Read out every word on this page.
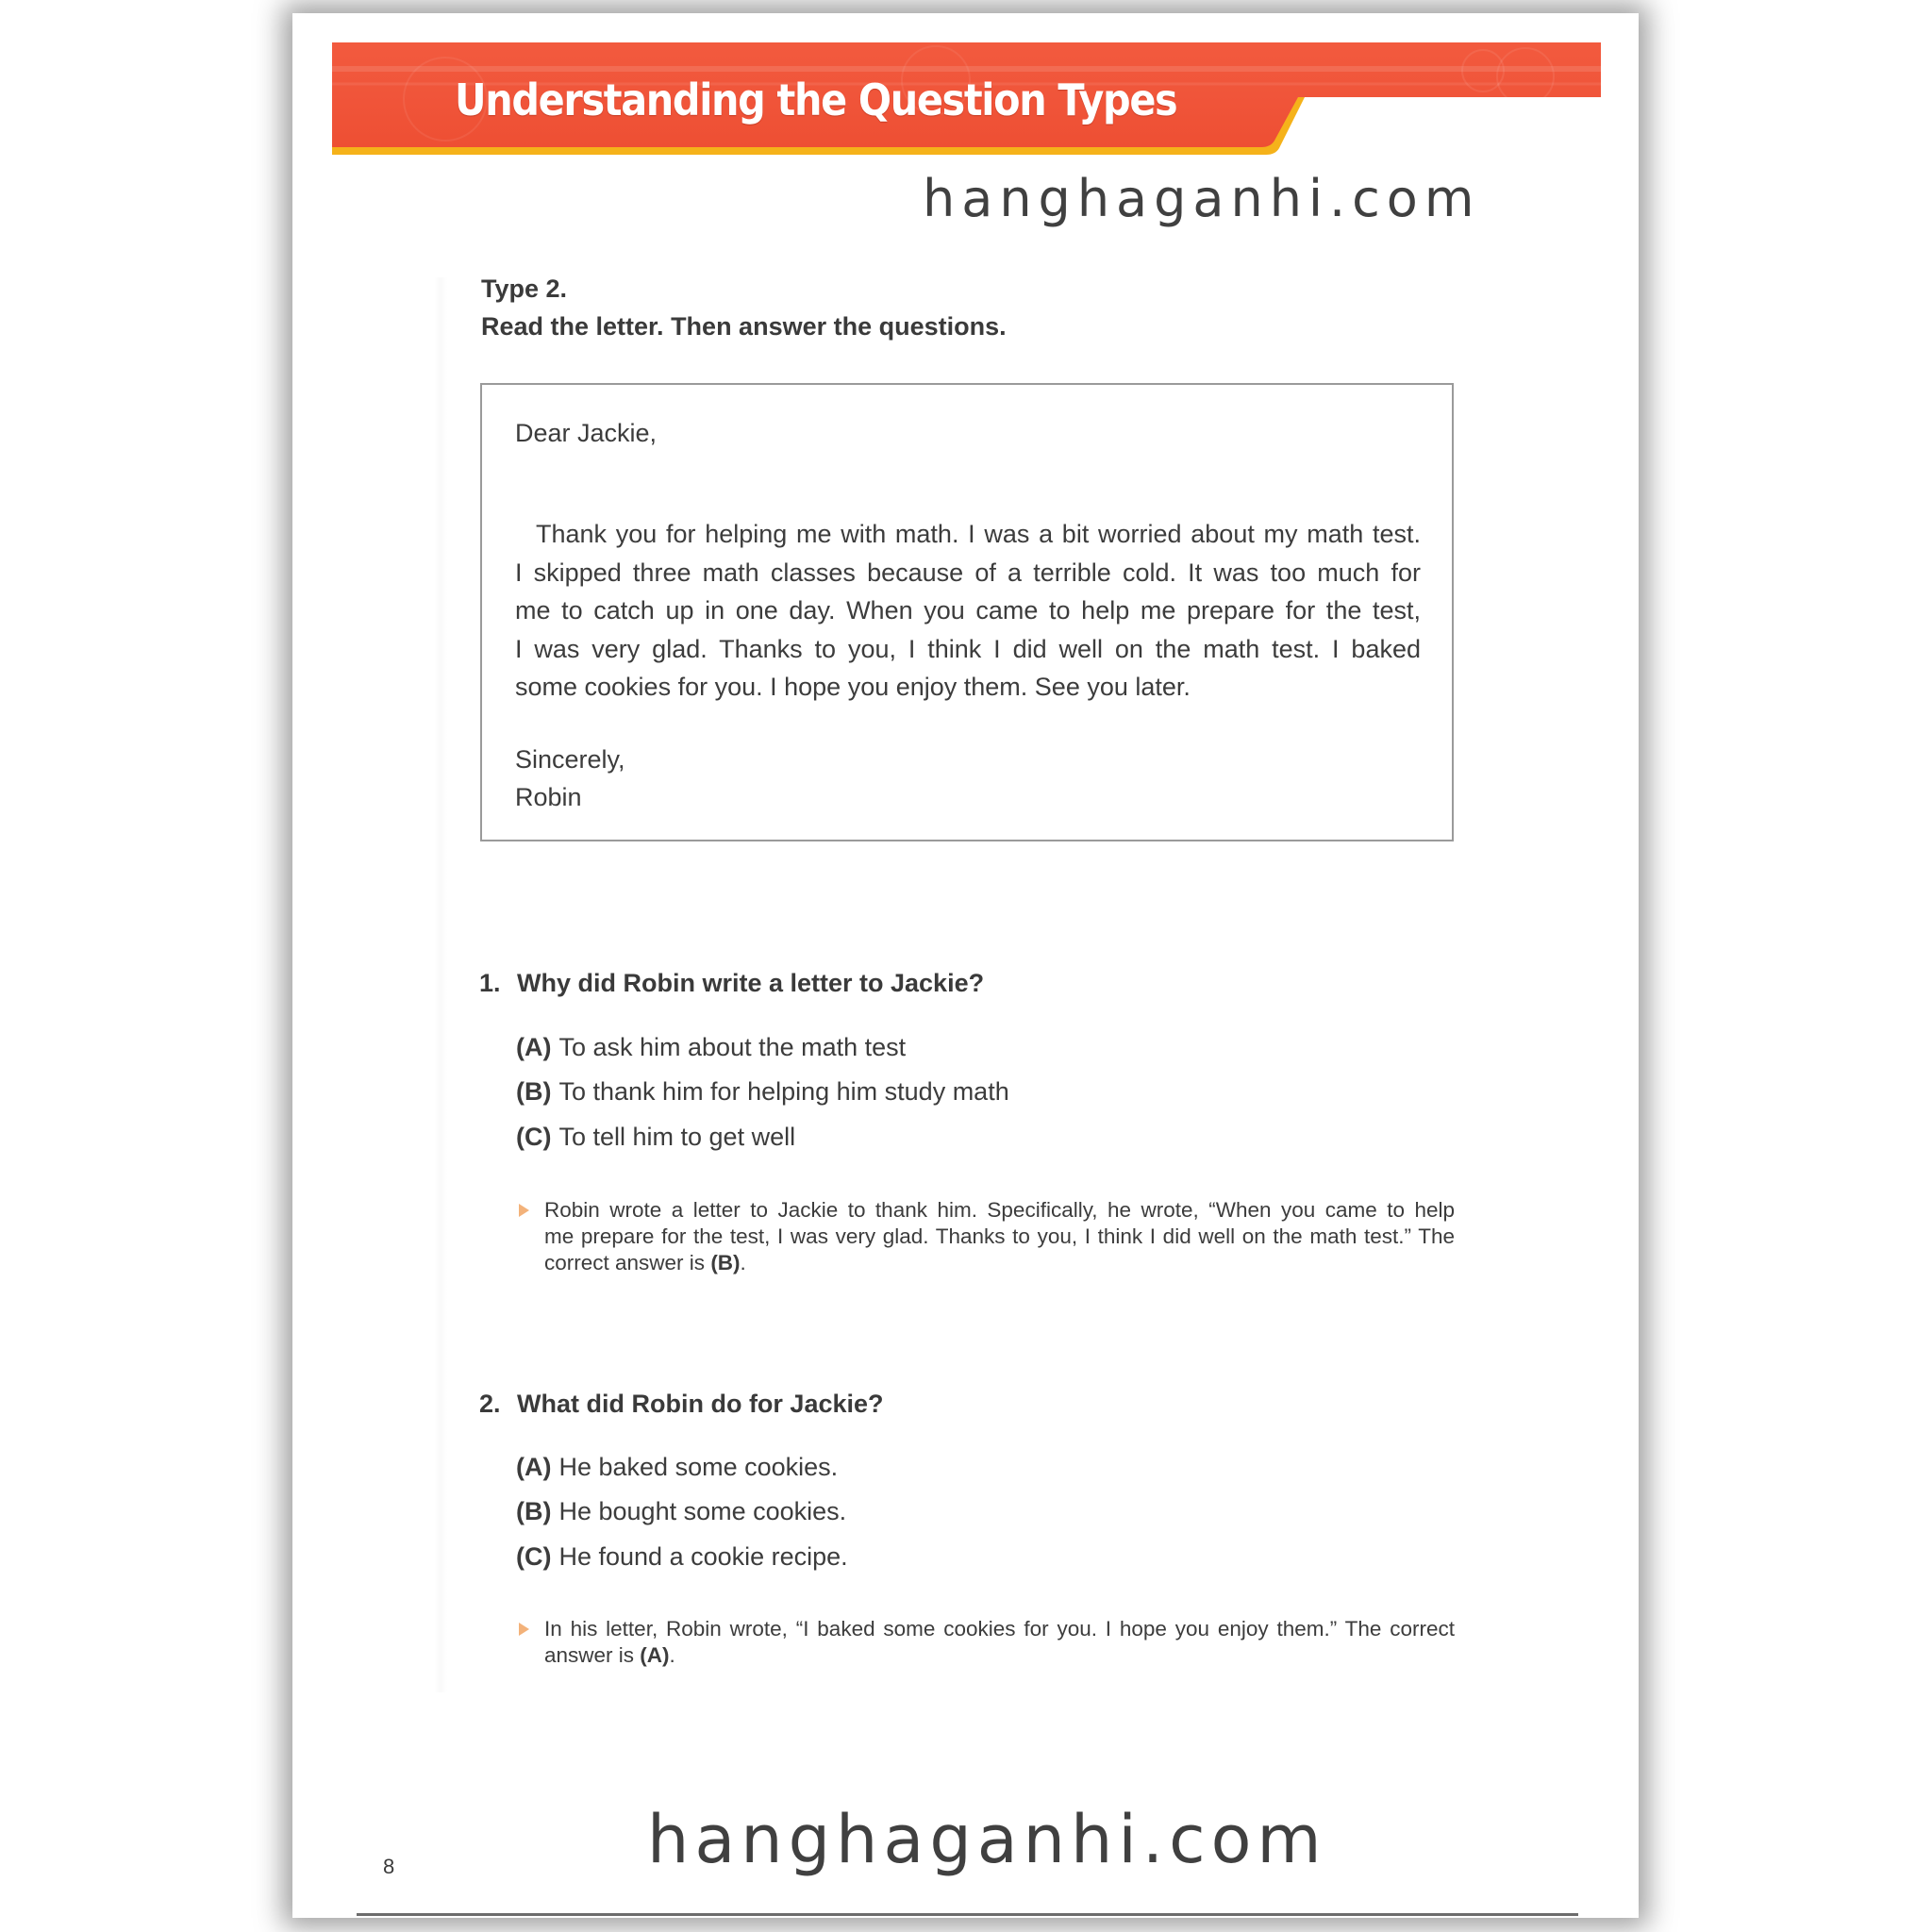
Understanding the Question Types
hanghaganhi.com
Type 2.
Read the letter. Then answer the questions.
Dear Jackie,
Thank you for helping me with math. I was a bit worried about my math test.
I skipped three math classes because of a terrible cold. It was too much for
me to catch up in one day. When you came to help me prepare for the test,
I was very glad. Thanks to you, I think I did well on the math test. I baked
some cookies for you. I hope you enjoy them. See you later.
Sincerely,
Robin
1. Why did Robin write a letter to Jackie?
(A) To ask him about the math test
(B) To thank him for helping him study math
(C) To tell him to get well
Robin wrote a letter to Jackie to thank him. Specifically, he wrote, “When you came to help
me prepare for the test, I was very glad. Thanks to you, I think I did well on the math test.” The
correct answer is (B).
2. What did Robin do for Jackie?
(A) He baked some cookies.
(B) He bought some cookies.
(C) He found a cookie recipe.
In his letter, Robin wrote, “I baked some cookies for you. I hope you enjoy them.” The correct
answer is (A).
8	hanghaganhi.com
